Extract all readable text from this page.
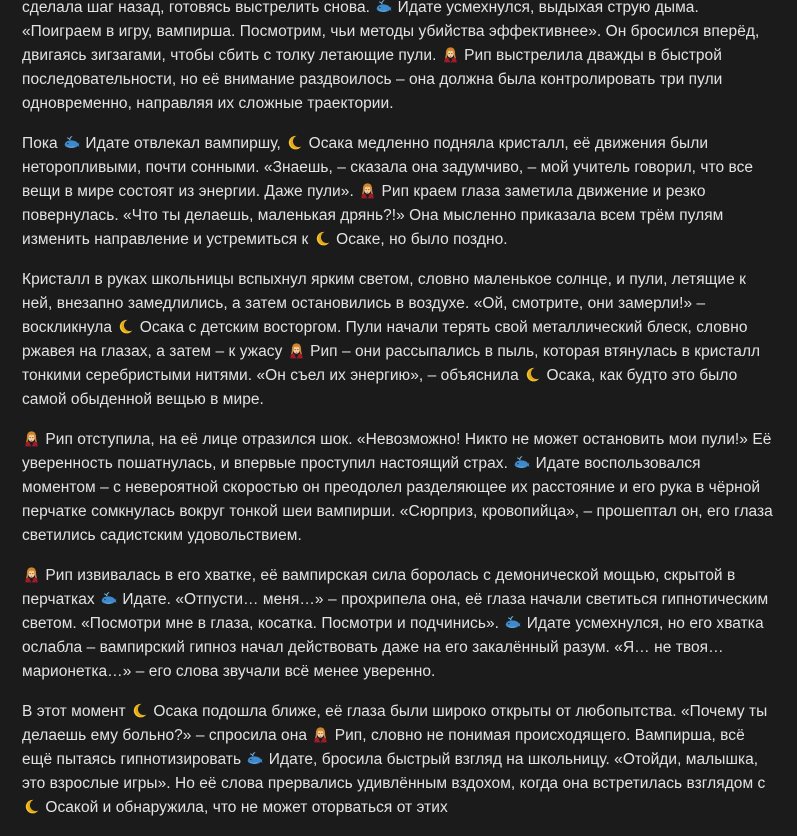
сделала шаг назад, готовясь выстрелить снова.
Идате усмехнулся, выдыхая струю дыма. «Поиграем в игру, вампирша. Посмотрим, чьи методы убийства эффективнее». Он бросился вперёд, двигаясь зигзагами, чтобы сбить с толку летающие пули.
Рип выстрелила дважды в быстрой последовательности, но её внимание раздвоилось – она должна была контролировать три пули одновременно, направляя их сложные траектории.

Пока
Идате отвлекал вампиршу,
Осака медленно подняла кристалл, её движения были неторопливыми, почти сонными. «Знаешь, – сказала она задумчиво, – мой учитель говорил, что все вещи в мире состоят из энергии. Даже пули».
Рип краем глаза заметила движение и резко повернулась. «Что ты делаешь, маленькая дрянь?!» Она мысленно приказала всем трём пулям изменить направление и устремиться к
Осаке, но было поздно.

Кристалл в руках школьницы вспыхнул ярким светом, словно маленькое солнце, и пули, летящие к ней, внезапно замедлились, а затем остановились в воздухе. «Ой, смотрите, они замерли!» – воскликнула
Осака с детским восторгом. Пули начали терять свой металлический блеск, словно ржавея на глазах, а затем – к ужасу
Рип – они рассыпались в пыль, которая втянулась в кристалл тонкими серебристыми нитями. «Он съел их энергию», – объяснила
Осака, как будто это было самой обыденной вещью в мире.

Рип отступила, на её лице отразился шок. «Невозможно! Никто не может остановить мои пули!» Её уверенность пошатнулась, и впервые проступил настоящий страх.
Идате воспользовался моментом – с невероятной скоростью он преодолел разделяющее их расстояние и его рука в чёрной перчатке сомкнулась вокруг тонкой шеи вампирши. «Сюрприз, кровопийца», – прошептал он, его глаза светились садистским удовольствием.

Рип извивалась в его хватке, её вампирская сила боролась с демонической мощью, скрытой в перчатках
Идате. «Отпусти… меня…» – прохрипела она, её глаза начали светиться гипнотическим светом. «Посмотри мне в глаза, косатка. Посмотри и подчинись».
Идате усмехнулся, но его хватка ослабла – вампирский гипноз начал действовать даже на его закалённый разум. «Я… не твоя… марионетка…» – его слова звучали всё менее уверенно.

В этот момент
Осака подошла ближе, её глаза были широко открыты от любопытства. «Почему ты делаешь ему больно?» – спросила она
Рип, словно не понимая происходящего. Вампирша, всё ещё пытаясь гипнотизировать
Идате, бросила быстрый взгляд на школьницу. «Отойди, малышка, это взрослые игры». Но её слова прервались удивлённым вздохом, когда она встретилась взглядом с
Осакой и обнаружила, что не может оторваться от этих
